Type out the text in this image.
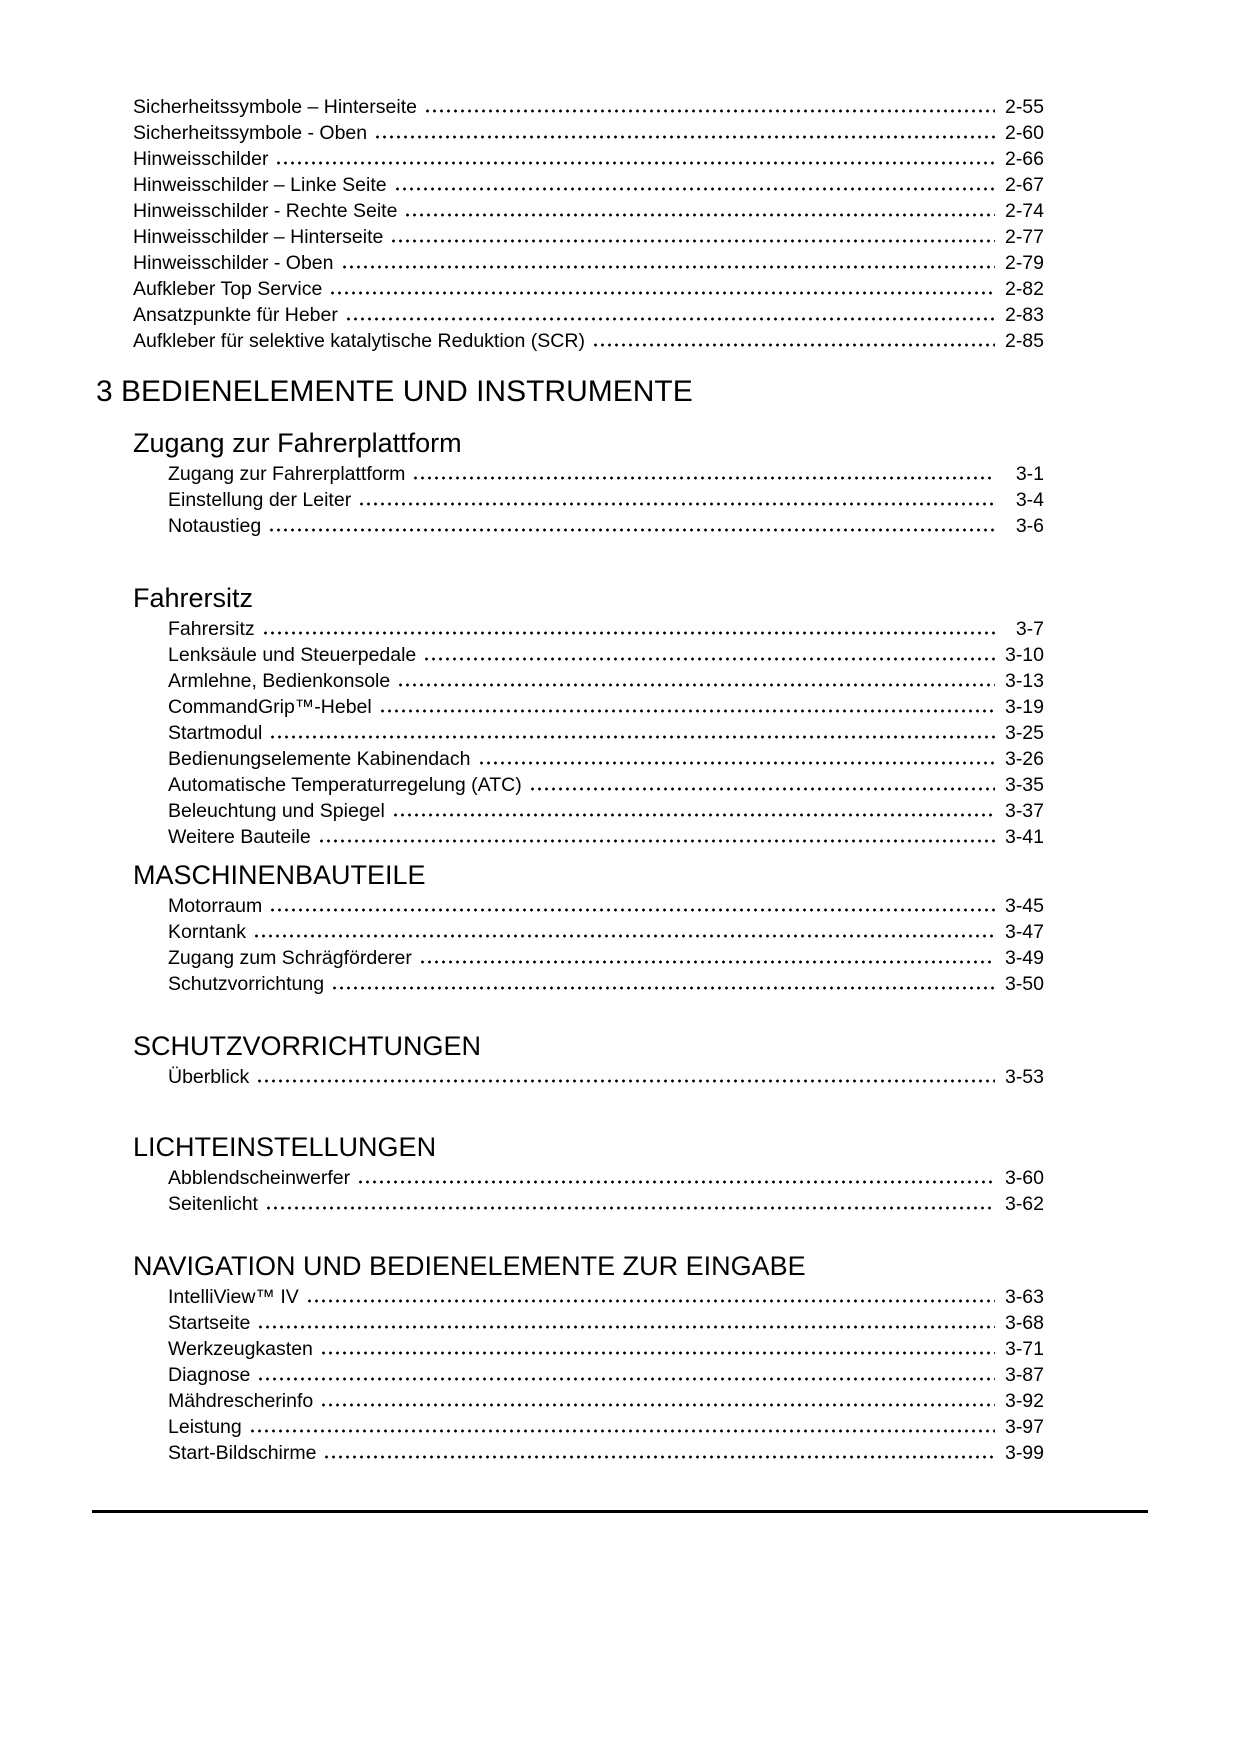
Sicherheitssymbole – Hinterseite	2-55
Sicherheitssymbole - Oben	2-60
Hinweisschilder	2-66
Hinweisschilder – Linke Seite	2-67
Hinweisschilder - Rechte Seite	2-74
Hinweisschilder – Hinterseite	2-77
Hinweisschilder - Oben	2-79
Aufkleber Top Service	2-82
Ansatzpunkte für Heber	2-83
Aufkleber für selektive katalytische Reduktion (SCR)	2-85
3 BEDIENELEMENTE UND INSTRUMENTE
Zugang zur Fahrerplattform
Zugang zur Fahrerplattform	3-1
Einstellung der Leiter	3-4
Notaustieg	3-6
Fahrersitz
Fahrersitz	3-7
Lenksäule und Steuerpedale	3-10
Armlehne, Bedienkonsole	3-13
CommandGrip™-Hebel	3-19
Startmodul	3-25
Bedienungselemente Kabinendach	3-26
Automatische Temperaturregelung (ATC)	3-35
Beleuchtung und Spiegel	3-37
Weitere Bauteile	3-41
MASCHINENBAUTEILE
Motorraum	3-45
Korntank	3-47
Zugang zum Schrägförderer	3-49
Schutzvorrichtung	3-50
SCHUTZVORRICHTUNGEN
Überblick	3-53
LICHTEINSTELLUNGEN
Abblendscheinwerfer	3-60
Seitenlicht	3-62
NAVIGATION UND BEDIENELEMENTE ZUR EINGABE
IntelliView™ IV	3-63
Startseite	3-68
Werkzeugkasten	3-71
Diagnose	3-87
Mähdrescherinfo	3-92
Leistung	3-97
Start-Bildschirme	3-99
